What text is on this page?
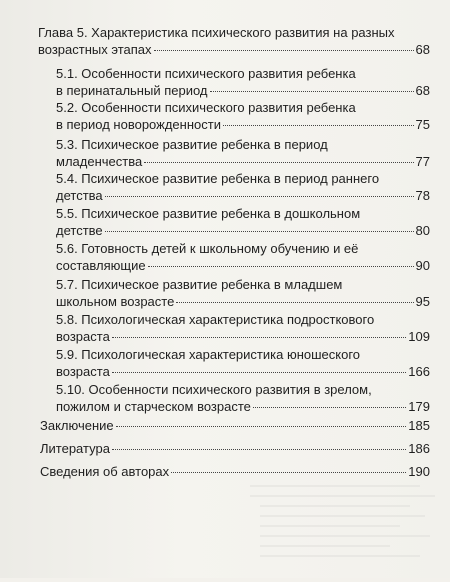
Глава 5. Характеристика психического развития на разных
возрастных этапах	68
5.1. Особенности психического развития ребенка
в перинатальный период	68
5.2. Особенности психического развития ребенка
в период новорожденности	75
5.3. Психическое развитие ребенка в период
младенчества	77
5.4. Психическое развитие ребенка в период раннего
детства	78
5.5. Психическое развитие ребенка в дошкольном
детстве	80
5.6. Готовность детей к школьному обучению и её
составляющие	90
5.7. Психическое развитие ребенка в младшем
школьном возрасте	95
5.8. Психологическая характеристика подросткового
возраста	109
5.9. Психологическая характеристика юношеского
возраста	166
5.10. Особенности психического развития в зрелом,
пожилом и старческом возрасте	179
Заключение	185
Литература	186
Сведения об авторах	190
